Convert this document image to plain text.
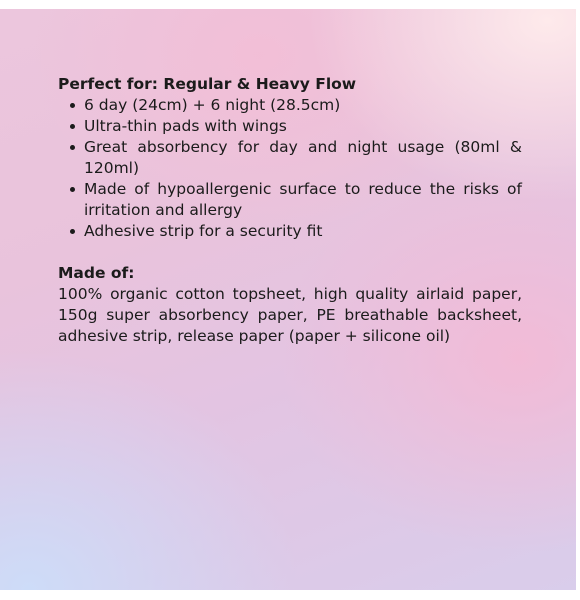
Perfect for: Regular & Heavy Flow

6 day (24cm) + 6 night (28.5cm)
Ultra-thin pads with wings
Great absorbency for day and night usage (80ml & 120ml)
Made of hypoallergenic surface to reduce the risks of irritation and allergy
Adhesive strip for a security fit

Made of:

100% organic cotton topsheet, high quality airlaid paper, 150g super absorbency paper, PE breathable backsheet, adhesive strip, release paper (paper + silicone oil)
